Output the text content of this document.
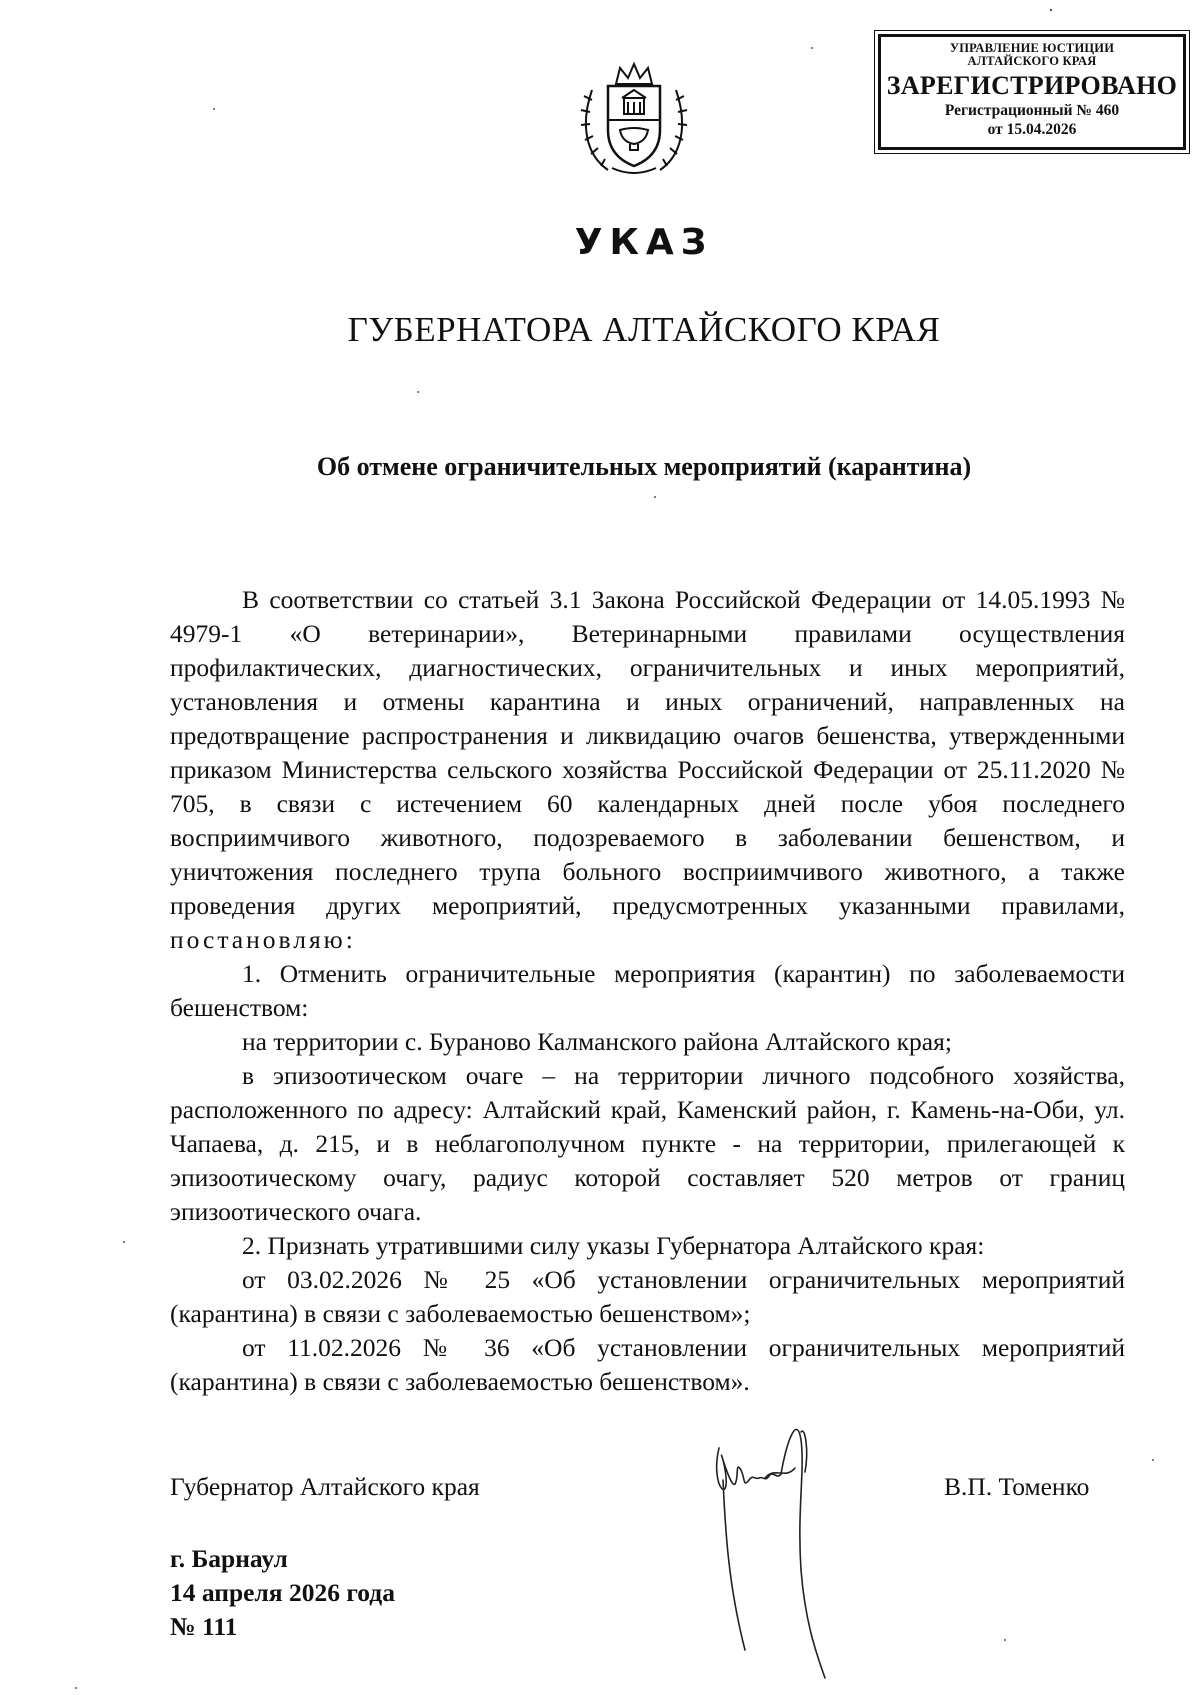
УПРАВЛЕНИЕ ЮСТИЦИИ
АЛТАЙСКОГО КРАЯ
ЗАРЕГИСТРИРОВАНО
Регистрационный № 460
от 15.04.2026
УКАЗ
ГУБЕРНАТОРА АЛТАЙСКОГО КРАЯ
Об отмене ограничительных мероприятий (карантина)

В соответствии со статьей 3.1 Закона Российской Федерации от 14.05.1993 № 4979-1 «О ветеринарии», Ветеринарными правилами осуществления профилактических, диагностических, ограничительных и иных мероприятий, установления и отмены карантина и иных ограничений, направленных на предотвращение распространения и ликвидацию очагов бешенства, утвержденными приказом Министерства сельского хозяйства Российской Федерации от 25.11.2020 № 705, в связи с истечением 60 календарных дней после убоя последнего восприимчивого животного, подозреваемого в заболевании бешенством, и уничтожения последнего трупа больного восприимчивого животного, а также проведения других мероприятий, предусмотренных указанными правилами, постановляю:

1. Отменить ограничительные мероприятия (карантин) по заболеваемости бешенством:

на территории с. Бураново Калманского района Алтайского края;

в эпизоотическом очаге – на территории личного подсобного хозяйства, расположенного по адресу: Алтайский край, Каменский район, г. Камень-на-Оби, ул. Чапаева, д. 215, и в неблагополучном пункте - на территории, прилегающей к эпизоотическому очагу, радиус которой составляет 520 метров от границ эпизоотического очага.

2. Признать утратившими силу указы Губернатора Алтайского края:

от 03.02.2026 № 25 «Об установлении ограничительных мероприятий (карантина) в связи с заболеваемостью бешенством»;

от 11.02.2026 № 36 «Об установлении ограничительных мероприятий (карантина) в связи с заболеваемостью бешенством».

Губернатор Алтайского края	В.П. Томенко
г. Барнаул
14 апреля 2026 года
№ 111
